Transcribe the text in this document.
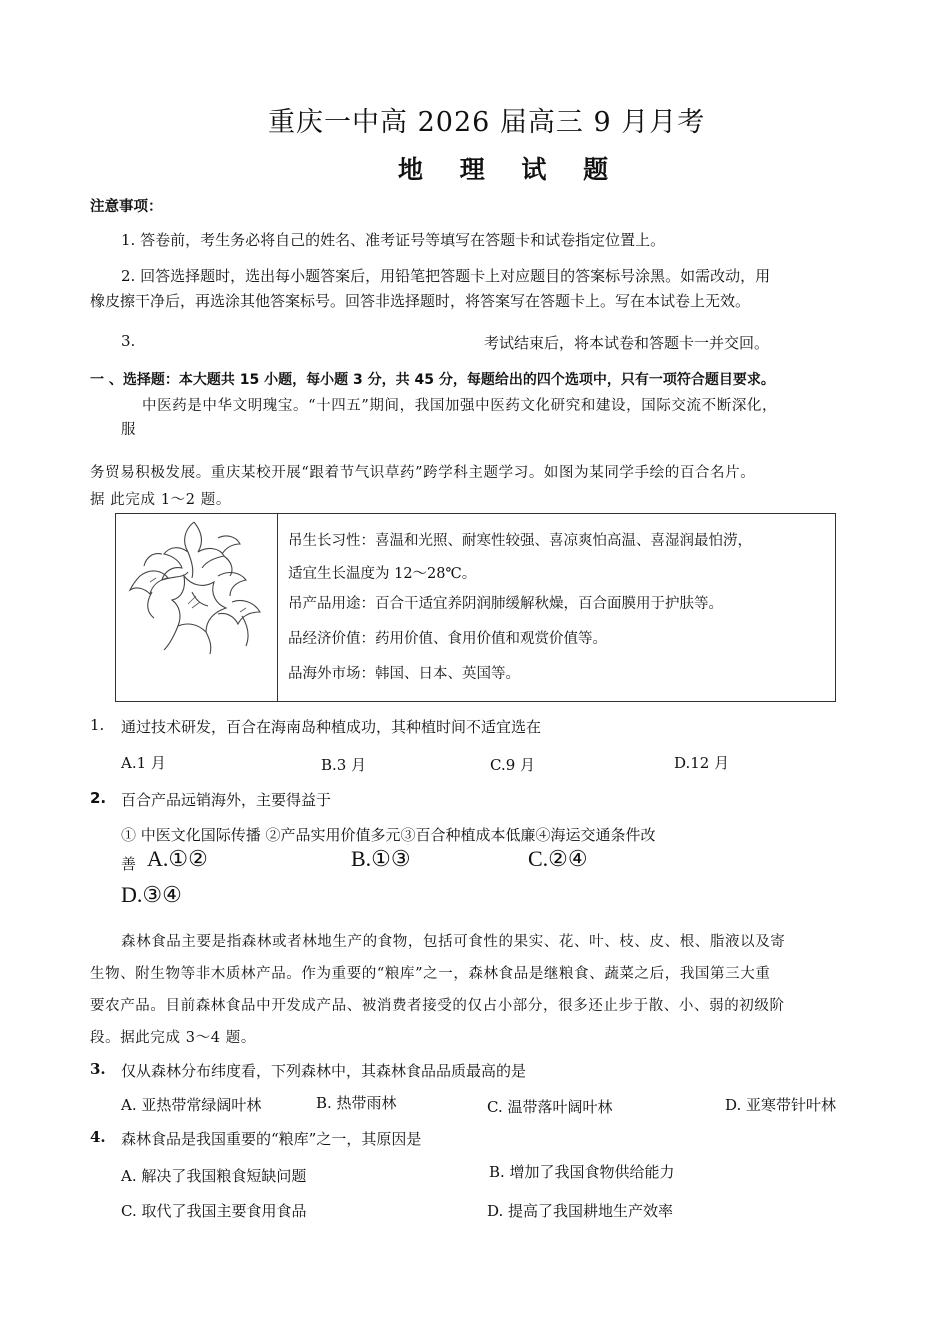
重庆一中高 2026 届高三 9 月月考
地 理 试 题
注意事项：
1. 答卷前，考生务必将自己的姓名、准考证号等填写在答题卡和试卷指定位置上。
2. 回答选择题时，选出每小题答案后，用铅笔把答题卡上对应题目的答案标号涂黑。如需改动，用
橡皮擦干净后，再选涂其他答案标号。回答非选择题时，将答案写在答题卡上。写在本试卷上无效。
3.	考试结束后，将本试卷和答题卡一并交回。
一 、选择题：本大题共 15 小题，每小题 3 分，共 45 分，每题给出的四个选项中，只有一项符合题目要求。
中医药是中华文明瑰宝。“十四五”期间，我国加强中医药文化研究和建设，国际交流不断深化，
服
务贸易积极发展。重庆某校开展“跟着节气识草药”跨学科主题学习。如图为某同学手绘的百合名片。
据 此完成 1～2 题。
吊生长习性：喜温和光照、耐寒性较强、喜凉爽怕高温、喜湿润最怕涝，
适宜生长温度为 12～28℃。
吊产品用途：百合干适宜养阴润肺缓解秋燥，百合面膜用于护肤等。
品经济价值：药用价值、食用价值和观赏价值等。
品海外市场：韩国、日本、英国等。
1. 通过技术研发，百合在海南岛种植成功，其种植时间不适宜选在
A.1 月	B.3 月	C.9 月	D.12 月
2. 百合产品远销海外，主要得益于
① 中医文化国际传播 ②产品实用价值多元③百合种植成本低廉④海运交通条件改
善 A.①②	B.①③	C.②④
D.③④
森林食品主要是指森林或者林地生产的食物，包括可食性的果实、花、叶、枝、皮、根、脂液以及寄
生物、附生物等非木质林产品。作为重要的“粮库”之一，森林食品是继粮食、蔬菜之后，我国第三大重
要农产品。目前森林食品中开发成产品、被消费者接受的仅占小部分，很多还止步于散、小、弱的初级阶
段。据此完成 3～4 题。
3. 仅从森林分布纬度看，下列森林中，其森林食品品质最高的是
A. 亚热带常绿阔叶林	B. 热带雨林	C. 温带落叶阔叶林	D. 亚寒带针叶林
4. 森林食品是我国重要的“粮库”之一，其原因是
A. 解决了我国粮食短缺问题	B. 增加了我国食物供给能力
C. 取代了我国主要食用食品	D. 提高了我国耕地生产效率
